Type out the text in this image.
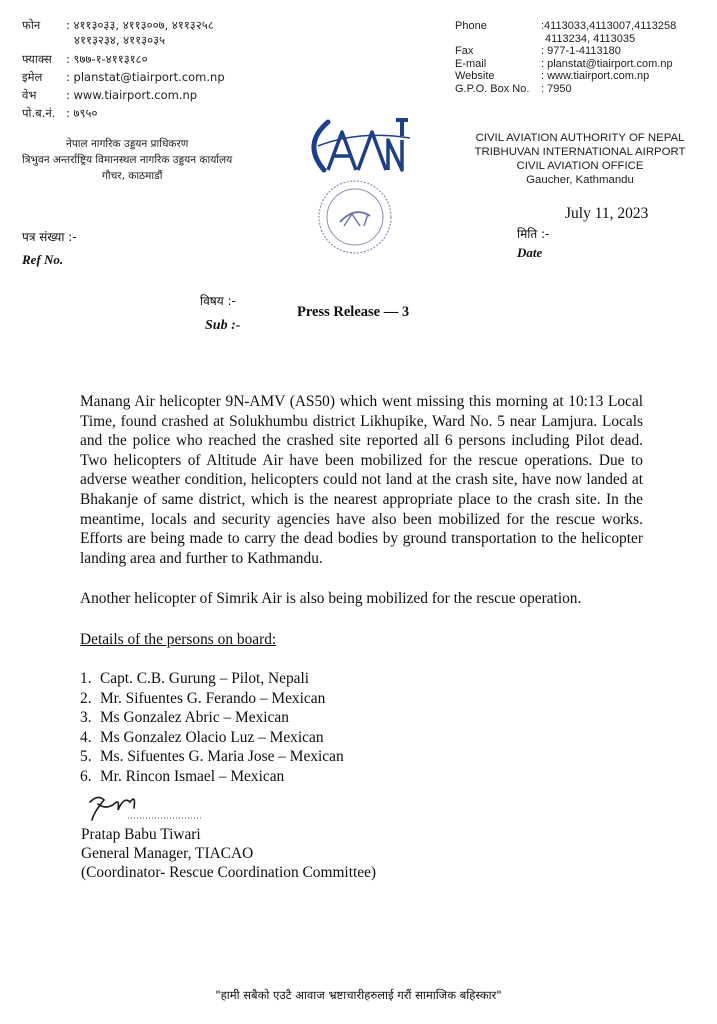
फोन	: ४११३०३३, ४११३००७, ४११३२५८
४११३२३४, ४११३०३५
फ्याक्स	: ९७७-१-४११३१८०
इमेल	: planstat@tiairport.com.np
वेभ	: www.tiairport.com.np
पो.ब.नं. : ७९५०
नेपाल नागरिक उड्डयन प्राधिकरण
त्रिभुवन अन्तर्राष्ट्रिय विमानस्थल नागरिक उड्डयन कार्यालय
गौचर, काठमाडौं
Phone	:4113033,4113007,4113258
4113234, 4113035
Fax	: 977-1-4113180
E-mail	: planstat@tiairport.com.np
Website	: www.tiairport.com.np
G.P.O. Box No.	: 7950
CIVIL AVIATION AUTHORITY OF NEPAL
TRIBHUVAN INTERNATIONAL AIRPORT
CIVIL AVIATION OFFICE
Gaucher, Kathmandu
July 11, 2023
मिति :-
Date
पत्र संख्या :-
Ref No.
विषय :-
Sub :-
Press Release — 3
Manang Air helicopter 9N-AMV (AS50) which went missing this morning at 10:13 Local Time, found crashed at Solukhumbu district Likhupike, Ward No. 5 near Lamjura. Locals and the police who reached the crashed site reported all 6 persons including Pilot dead. Two helicopters of Altitude Air have been mobilized for the rescue operations. Due to adverse weather condition, helicopters could not land at the crash site, have now landed at Bhakanje of same district, which is the nearest appropriate place to the crash site. In the meantime, locals and security agencies have also been mobilized for the rescue works. Efforts are being made to carry the dead bodies by ground transportation to the helicopter landing area and further to Kathmandu.
Another helicopter of Simrik Air is also being mobilized for the rescue operation.
Details of the persons on board:
1. Capt. C.B. Gurung – Pilot, Nepali
2. Mr. Sifuentes G. Ferando – Mexican
3. Ms Gonzalez Abric – Mexican
4. Ms Gonzalez Olacio Luz – Mexican
5. Ms. Sifuentes G. Maria Jose – Mexican
6. Mr. Rincon Ismael – Mexican
Pratap Babu Tiwari
General Manager, TIACAO
(Coordinator- Rescue Coordination Committee)
"हामी सबैको एउटै आवाज भ्रष्टाचारीहरुलाई गरौं सामाजिक बहिस्कार"
